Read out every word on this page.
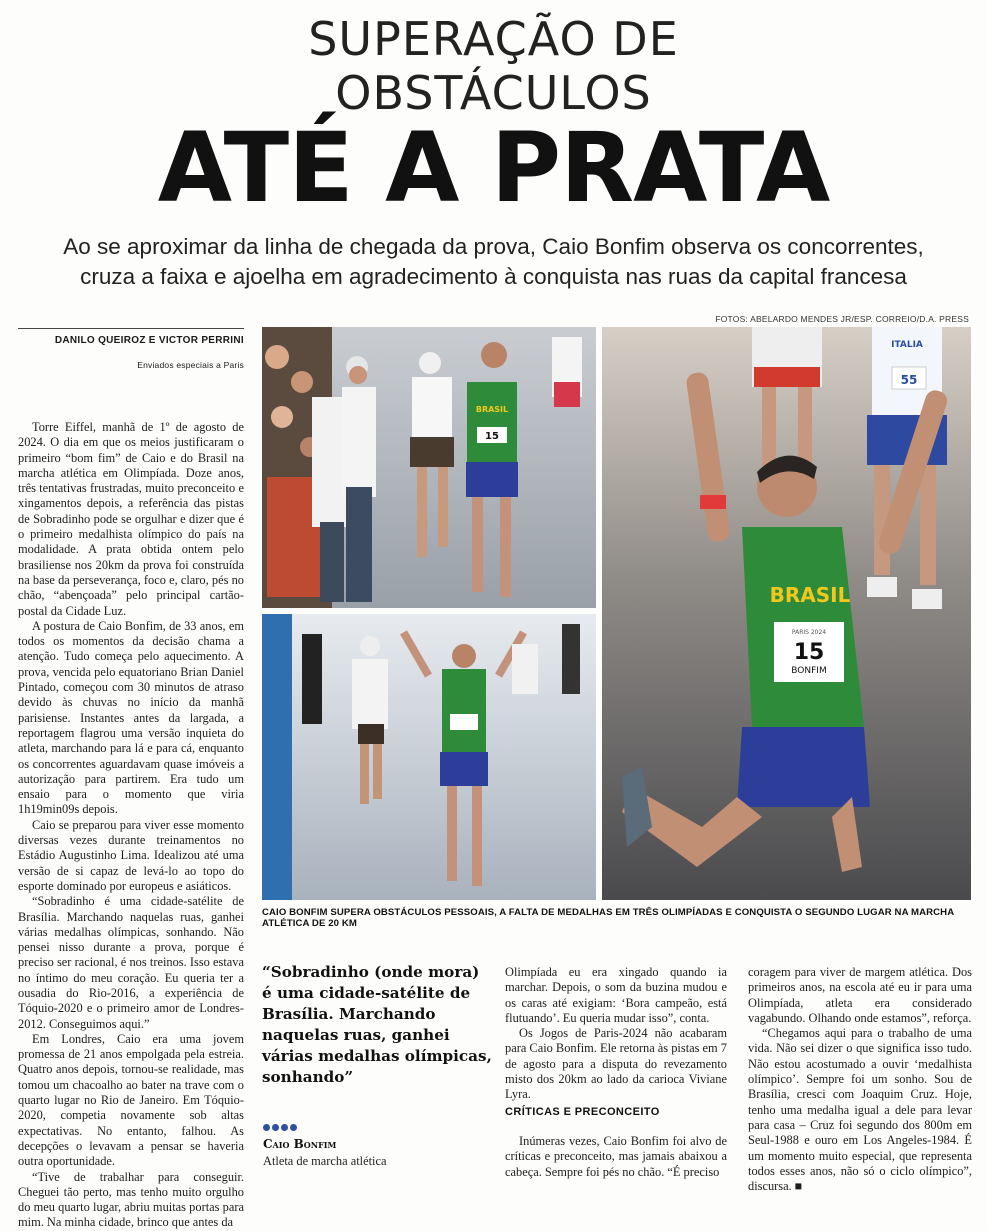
SUPERAÇÃO DE
OBSTÁCULOS
ATÉ A PRATA
Ao se aproximar da linha de chegada da prova, Caio Bonfim observa os concorrentes,
cruza a faixa e ajoelha em agradecimento à conquista nas ruas da capital francesa
FOTOS: ABELARDO MENDES JR/ESP. CORREIO/D.A. PRESS
DANILO QUEIROZ E VICTOR PERRINI
Enviados especiais a Paris

Torre Eiffel, manhã de 1º de agosto de 2024. O dia em que os meios justificaram o primeiro “bom fim” de Caio e do Brasil na marcha atlética em Olimpíada. Doze anos, três tentativas frustradas, muito preconceito e xingamentos depois, a referência das pistas de Sobradinho pode se orgulhar e dizer que é o primeiro medalhista olímpico do país na modalidade. A prata obtida ontem pelo brasiliense nos 20km da prova foi construída na base da perseverança, foco e, claro, pés no chão, “abençoada” pelo principal cartão-postal da Cidade Luz.

A postura de Caio Bonfim, de 33 anos, em todos os momentos da decisão chama a atenção. Tudo começa pelo aquecimento. A prova, vencida pelo equatoriano Brian Daniel Pintado, começou com 30 minutos de atraso devido às chuvas no início da manhã parisiense. Instantes antes da largada, a reportagem flagrou uma versão inquieta do atleta, marchando para lá e para cá, enquanto os concorrentes aguardavam quase imóveis a autorização para partirem. Era tudo um ensaio para o momento que viria 1h19min09s depois.

Caio se preparou para viver esse momento diversas vezes durante treinamentos no Estádio Augustinho Lima. Idealizou até uma versão de si capaz de levá-lo ao topo do esporte dominado por europeus e asiáticos.

“Sobradinho é uma cidade-satélite de Brasília. Marchando naquelas ruas, ganhei várias medalhas olímpicas, sonhando. Não pensei nisso durante a prova, porque é preciso ser racional, é nos treinos. Isso estava no íntimo do meu coração. Eu queria ter a ousadia do Rio-2016, a experiência de Tóquio-2020 e o primeiro amor de Londres-2012. Conseguimos aqui.”

Em Londres, Caio era uma jovem promessa de 21 anos empolgada pela estreia. Quatro anos depois, tornou-se realidade, mas tomou um chacoalho ao bater na trave com o quarto lugar no Rio de Janeiro. Em Tóquio-2020, competia novamente sob altas expectativas. No entanto, falhou. As decepções o levavam a pensar se haveria outra oportunidade.

“Tive de trabalhar para conseguir. Cheguei tão perto, mas tenho muito orgulho do meu quarto lugar, abriu muitas portas para mim. Na minha cidade, brinco que antes da

15
BRASIL
ITALIA
55
BRASIL
PARIS 2024
15
BONFIM
CAIO BONFIM SUPERA OBSTÁCULOS PESSOAIS, A FALTA DE MEDALHAS EM TRÊS OLIMPÍADAS E CONQUISTA O SEGUNDO LUGAR NA MARCHA ATLÉTICA DE 20 KM
“Sobradinho (onde mora) é uma cidade-satélite de Brasília. Marchando naquelas ruas, ganhei várias medalhas olímpicas, sonhando”
Caio Bonfim
Atleta de marcha atlética

Olimpíada eu era xingado quando ia marchar. Depois, o som da buzina mudou e os caras até exigiam: ‘Bora campeão, está flutuando’. Eu queria mudar isso”, conta.

Os Jogos de Paris-2024 não acabaram para Caio Bonfim. Ele retorna às pistas em 7 de agosto para a disputa do revezamento misto dos 20km ao lado da carioca Viviane Lyra.

CRÍTICAS E PRECONCEITO

Inúmeras vezes, Caio Bonfim foi alvo de críticas e preconceito, mas jamais abaixou a cabeça. Sempre foi pés no chão. “É preciso

coragem para viver de margem atlética. Dos primeiros anos, na escola até eu ir para uma Olimpíada, atleta era considerado vagabundo. Olhando onde estamos”, reforça.

“Chegamos aqui para o trabalho de uma vida. Não sei dizer o que significa isso tudo. Não estou acostumado a ouvir ‘medalhista olímpico’. Sempre foi um sonho. Sou de Brasília, cresci com Joaquim Cruz. Hoje, tenho uma medalha igual a dele para levar para casa – Cruz foi segundo dos 800m em Seul-1988 e ouro em Los Angeles-1984. É um momento muito especial, que representa todos esses anos, não só o ciclo olímpico”, discursa. ■
